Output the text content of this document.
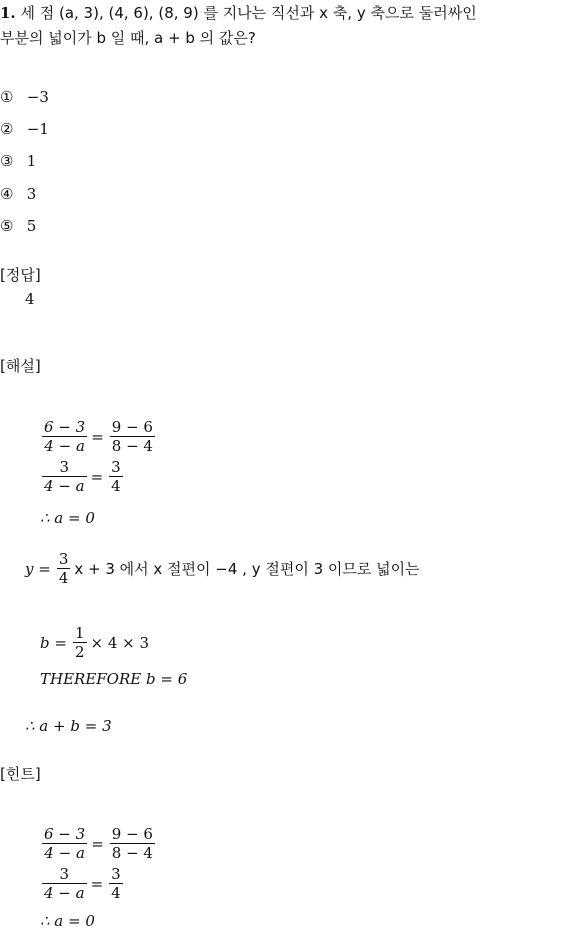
1. 세 점 (a, 3), (4, 6), (8, 9) 를 지나는 직선과 x 축, y 축으로 둘러싸인
부분의 넓이가 b 일 때, a + b 의 값은?
① −3
② −1
③ 1
④ 3
⑤ 5
[정답]
4
[해설]
$\frac{6 - 3}{4 - a} = \frac{9 - 6}{8 - 4}$
$\frac{3}{4 - a} = \frac{3}{4}$
∴ a = 0
$y = \frac{3}{4}$ x + 3 에서 x 절편이 −4 , y 절편이 3 이므로 넓이는
$b = \frac{1}{2} \times 4 \times 3$
THEREFORE b = 6
∴ a + b = 3
[힌트]
$\frac{6 - 3}{4 - a} = \frac{9 - 6}{8 - 4}$
$\frac{3}{4 - a} = \frac{3}{4}$
∴ a = 0
